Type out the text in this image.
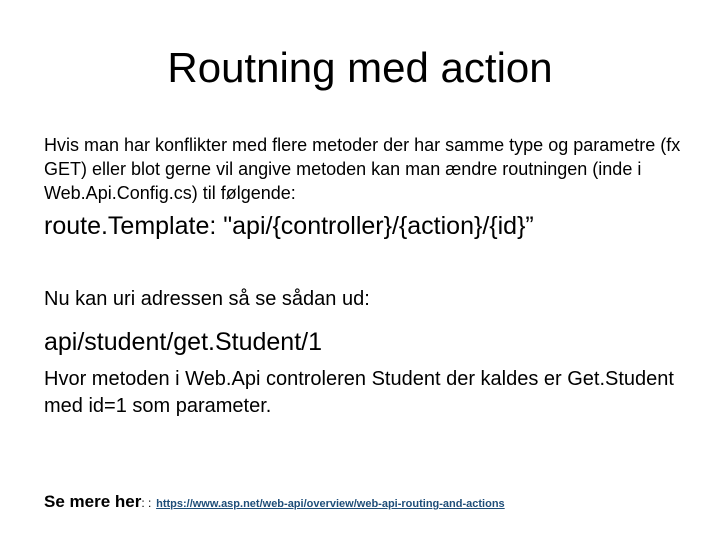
Routning med action

Hvis man har konflikter med flere metoder der har samme type og parametre (fx GET) eller blot gerne vil angive metoden kan man ændre routningen (inde i Web.Api.Config.cs) til følgende:

route.Template: "api/{controller}/{action}/{id}”

Nu kan uri adressen så se sådan ud:

api/student/get.Student/1

Hvor metoden i Web.Api controleren Student der kaldes er Get.Student med id=1 som parameter.

Se mere her: : https://www.asp.net/web-api/overview/web-api-routing-and-actions
